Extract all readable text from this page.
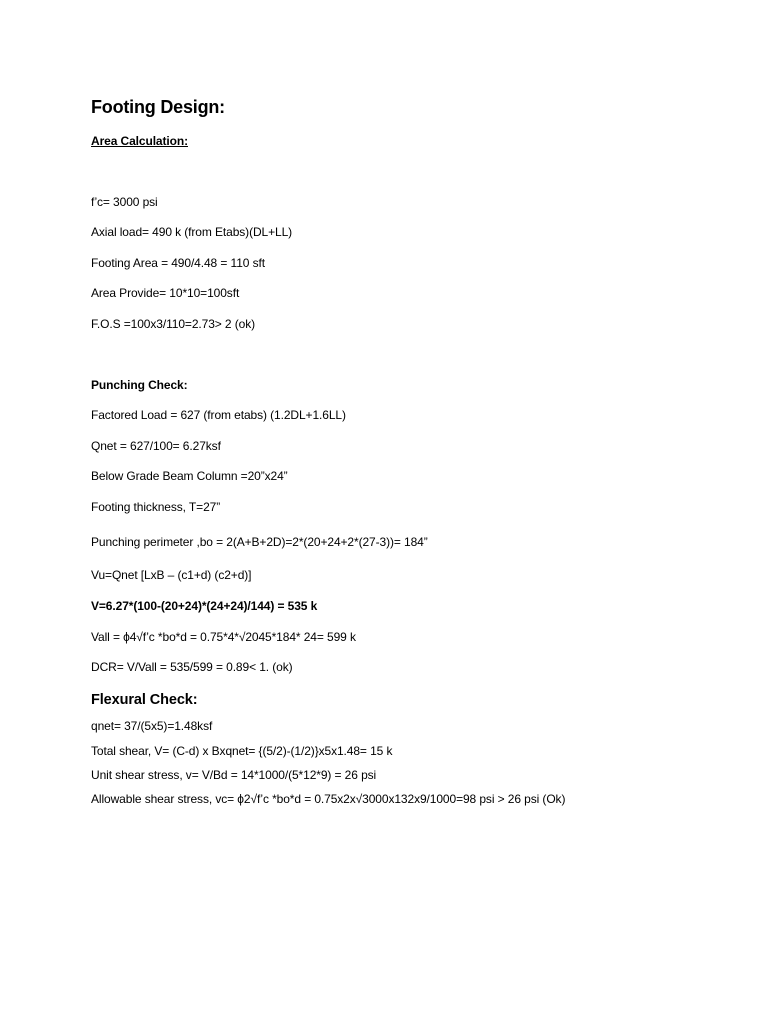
Footing Design:
Area Calculation:
f’c= 3000 psi
Axial load= 490 k (from Etabs)(DL+LL)
Footing Area = 490/4.48 = 110 sft
Area Provide= 10*10=100sft
F.O.S =100x3/110=2.73> 2 (ok)
Punching Check:
Factored Load = 627 (from etabs) (1.2DL+1.6LL)
Qnet = 627/100= 6.27ksf
Below Grade Beam Column =20”x24”
Footing thickness, T=27”
Punching perimeter ,bo = 2(A+B+2D)=2*(20+24+2*(27-3))= 184”
Vu=Qnet [LxB – (c1+d) (c2+d)]
V=6.27*(100-(20+24)*(24+24)/144) = 535 k
Vall = ϕ4√f’c *bo*d = 0.75*4*√2045*184* 24= 599 k
DCR= V/Vall = 535/599 = 0.89< 1. (ok)
Flexural Check:
qnet= 37/(5x5)=1.48ksf
Total shear, V= (C-d) x Bxqnet= {(5/2)-(1/2)}x5x1.48= 15 k
Unit shear stress, v= V/Bd = 14*1000/(5*12*9) = 26 psi
Allowable shear stress, vc= ϕ2√f’c *bo*d = 0.75x2x√3000x132x9/1000=98 psi > 26 psi (Ok)
